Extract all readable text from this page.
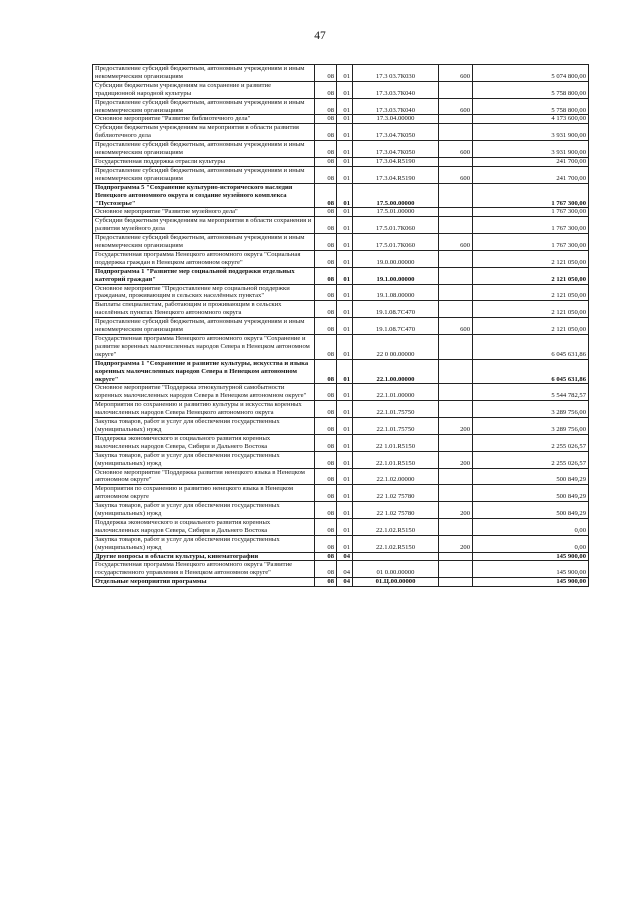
47
Предоставление субсидий бюджетным, автономным учреждениям и иным некоммерческим организациям	08	01	17.3 03.7К030	600	5 074 800,00
Субсидии бюджетным учреждениям на сохранение и развитие традиционной народной культуры	08	01	17.3.03.7К040		5 758 800,00
Предоставление субсидий бюджетным, автономным учреждениям и иным некоммерческим организациям	08	01	17.3.03.7К040	600	5 758 800,00
Основное мероприятие "Развитие библиотечного дела"	08	01	17.3.04.00000		4 173 600,00
Субсидии бюджетным учреждениям на мероприятия в области развития библиотечного дела	08	01	17.3.04.7К050		3 931 900,00
Предоставление субсидий бюджетным, автономным учреждениям и иным некоммерческим организациям	08	01	17.3.04.7К050	600	3 931 900,00
Государственная поддержка отрасли культуры	08	01	17.3.04.R5190		241 700,00
Предоставление субсидий бюджетным, автономным учреждениям и иным некоммерческим организациям	08	01	17.3.04.R5190	600	241 700,00
Подпрограмма 5 "Сохранение культурно-исторического наследия Ненецкого автономного округа и создание музейного комплекса "Пустозерье"	08	01	17.5.00.00000		1 767 300,00
Основное мероприятие "Развитие музейного дела"	08	01	17.5.01.00000		1 767 300,00
Субсидии бюджетным учреждениям на мероприятия в области сохранения и развития музейного дела	08	01	17.5.01.7К060		1 767 300,00
Предоставление субсидий бюджетным, автономным учреждениям и иным некоммерческим организациям	08	01	17.5.01.7К060	600	1 767 300,00
Государственная программа Ненецкого автономного округа "Социальная поддержка граждан в Ненецком автономном округе"	08	01	19.0.00.00000		2 121 050,00
Подпрограмма 1 "Развитие мер социальной поддержки отдельных категорий граждан"	08	01	19.1.00.00000		2 121 050,00
Основное мероприятие "Предоставление мер социальной поддержки гражданам, проживающим в сельских населённых пунктах"	08	01	19.1.08.00000		2 121 050,00
Выплаты специалистам, работающим и проживающим в сельских населённых пунктах Ненецкого автономного округа	08	01	19.1.08.7С470		2 121 050,00
Предоставление субсидий бюджетным, автономным учреждениям и иным некоммерческим организациям	08	01	19.1.08.7С470	600	2 121 050,00
Государственная программа Ненецкого автономного округа "Сохранение и развитие коренных малочисленных народов Севера в Ненецком автономном округе"	08	01	22 0 00.00000		6 045 631,86
Подпрограмма 1 "Сохранение и развитие культуры, искусства и языка коренных малочисленных народов Севера в Ненецком автономном округе"	08	01	22.1.00.00000		6 045 631,86
Основное мероприятие "Поддержка этнокультурной самобытности коренных малочисленных народов Севера в Ненецком автономном округе"	08	01	22.1.01.00000		5 544 782,57
Мероприятия по сохранению и развитию культуры и искусства коренных малочисленных народов Севера Ненецкого автономного округа	08	01	22.1.01.75750		3 289 756,00
Закупка товаров, работ и услуг для обеспечения государственных (муниципальных) нужд	08	01	22.1.01.75750	200	3 289 756,00
Поддержка экономического и социального развития коренных малочисленных народов Севера, Сибири и Дальнего Востока	08	01	22 1.01.R5150		2 255 026,57
Закупка товаров, работ и услуг для обеспечения государственных (муниципальных) нужд	08	01	22.1.01.R5150	200	2 255 026,57
Основное мероприятие "Поддержка развития ненецкого языка в Ненецком автономном округе"	08	01	22.1.02.00000		500 849,29
Мероприятия по сохранению и развитию ненецкого языка в Ненецком автономном округе	08	01	22 1.02 75780		500 849,29
Закупка товаров, работ и услуг для обеспечения государственных (муниципальных) нужд	08	01	22 1.02 75780	200	500 849,29
Поддержка экономического и социального развития коренных малочисленных народов Севера, Сибири и Дальнего Востока	08	01	22.1.02.R5150		0,00
Закупка товаров, работ и услуг для обеспечения государственных (муниципальных) нужд	08	01	22.1.02.R5150	200	0,00
Другие вопросы в области культуры, кинематографии	08	04			145 900,00
Государственная программа Ненецкого автономного округа "Развитие государственного управления в Ненецком автономном округе"	08	04	01 0.00.00000		145 900,00
Отдельные мероприятия программы	08	04	01.Ц.00.00000		145 900,00
